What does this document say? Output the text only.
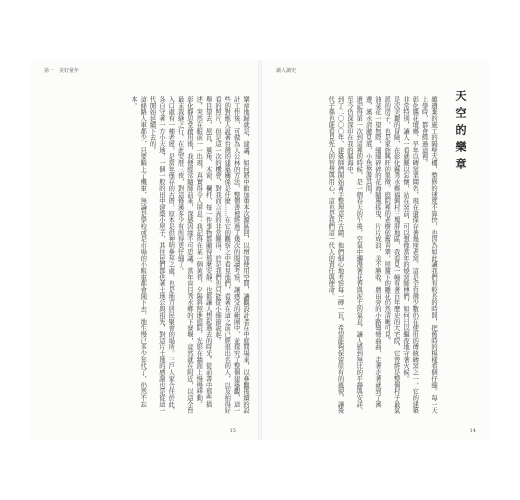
第一　美好童年
樂章地歸就是，建議，如何將中館加重本次源區回，以增加使用空間，讓觀設計者在中庭間場來，以參觀後續的設計工作後，可做為人公林的方法。整個書裡經過了幾次的閱讀考察，讓感受的範圍中，並探究了整個建築觀，這一些的對應人說著台灣的建築關係是什麼……在它的觀察之中看見他們，看著在這之前已經很出名的人，以及拍得好看的照片，但是這一次的機會，對我而言真的非常難得，於是我們也只能從小細節說起。
舉目望去，屋瓦、簷角、木窗、欄杆，每一件事物都顯得那麼安靜，也都讓人想起過去的時光。從前書中那些描述，突然在眼前一一出現，真實得令人屏息；我記得在某一個黃昏，夕陽斜照進庭院，光影在牆面上慢慢移動。
彰化靜思堂啟用後，我便經常隨師前來，深感因緣不可思議。當年盲目秀水鄉的下寮堰，竟然就在附近，以這全台最末裁縫之行。在此安厝三夜，對這條溪多少有所得更仔細了。
入口處有一棟老屋，是當年僅存的古厝，原本是供神明參拜之處，也是地方居民聚會的場所。三戶人家合住於此，各自守著一方小天地，一個一般的田中建築小屋子，其住民們都供著土地公與祖先，對這片土地的感謝也是從這一代開始延續下去的。
這條路人車都少，只要騎上了機車，無論是學校或是市場的小販車都會開下去，地生慢已多少年代了，仍然不忘本。
15
讀人讀史
天空的樂章
雖遺棄的施工的隔壁大樓，整修的速度不算快，也因為如此讓我們有較長的時間，把舊時的模樣看個仔細。每一天上學時，都會經過這裡。
彰化縣花壇鄉，早年以磚窯業聞名，現在還保存著幾座老窯。這是全台灣少數仍在使用的傳統磚窯之一，它的建築非常特別，讓人一看就難以忘懷，站在窯前，可以想像當年的燒窯師傅們，如何日以繼夜地守著火候。
是次美麗的冒險，在彰化縣秀水鄉福興村三塊厝地區，我看見一幢有著百年歷史的大宅院，它曾經是整個村子最氣派的房子，也是家族興旺的象徵。庭院裡的老樹依舊青翠，屋簷下的雕花仍然清晰可見。
油菜花一望無際，細細碎碎的花海隨風搖曳，片片成浪，美不勝收。農田旁的小路彎彎曲曲，走著走著就到了溪邊，溪水清澈見底，小魚悠游其間。
還記得第一次到這裡的時候，是一個春天的午後，空氣中瀰漫著花香與泥土的氣息，讓人感到無比的平靜與安詳，至今仍深深印在我的腦海中。
到了二〇〇〇年，建築師們開始著手整理這片古蹟，他們細心地考察每一磚一瓦，希望能夠保留原有的風貌，讓後代子孫也能看見先人的智慧與用心，這也是我們這一代人的責任與使命。
14
